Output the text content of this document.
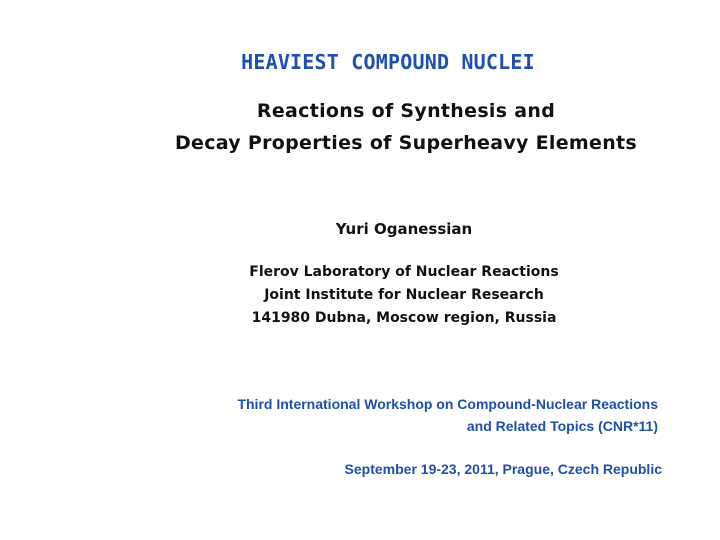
HEAVIEST COMPOUND NUCLEI
Reactions of Synthesis and
Decay Properties of Superheavy Elements
Yuri Oganessian
Flerov Laboratory of Nuclear Reactions
Joint Institute for Nuclear Research
141980 Dubna, Moscow region, Russia
Third International Workshop on Compound-Nuclear Reactions
and Related Topics (CNR*11)
September 19-23, 2011, Prague, Czech Republic
